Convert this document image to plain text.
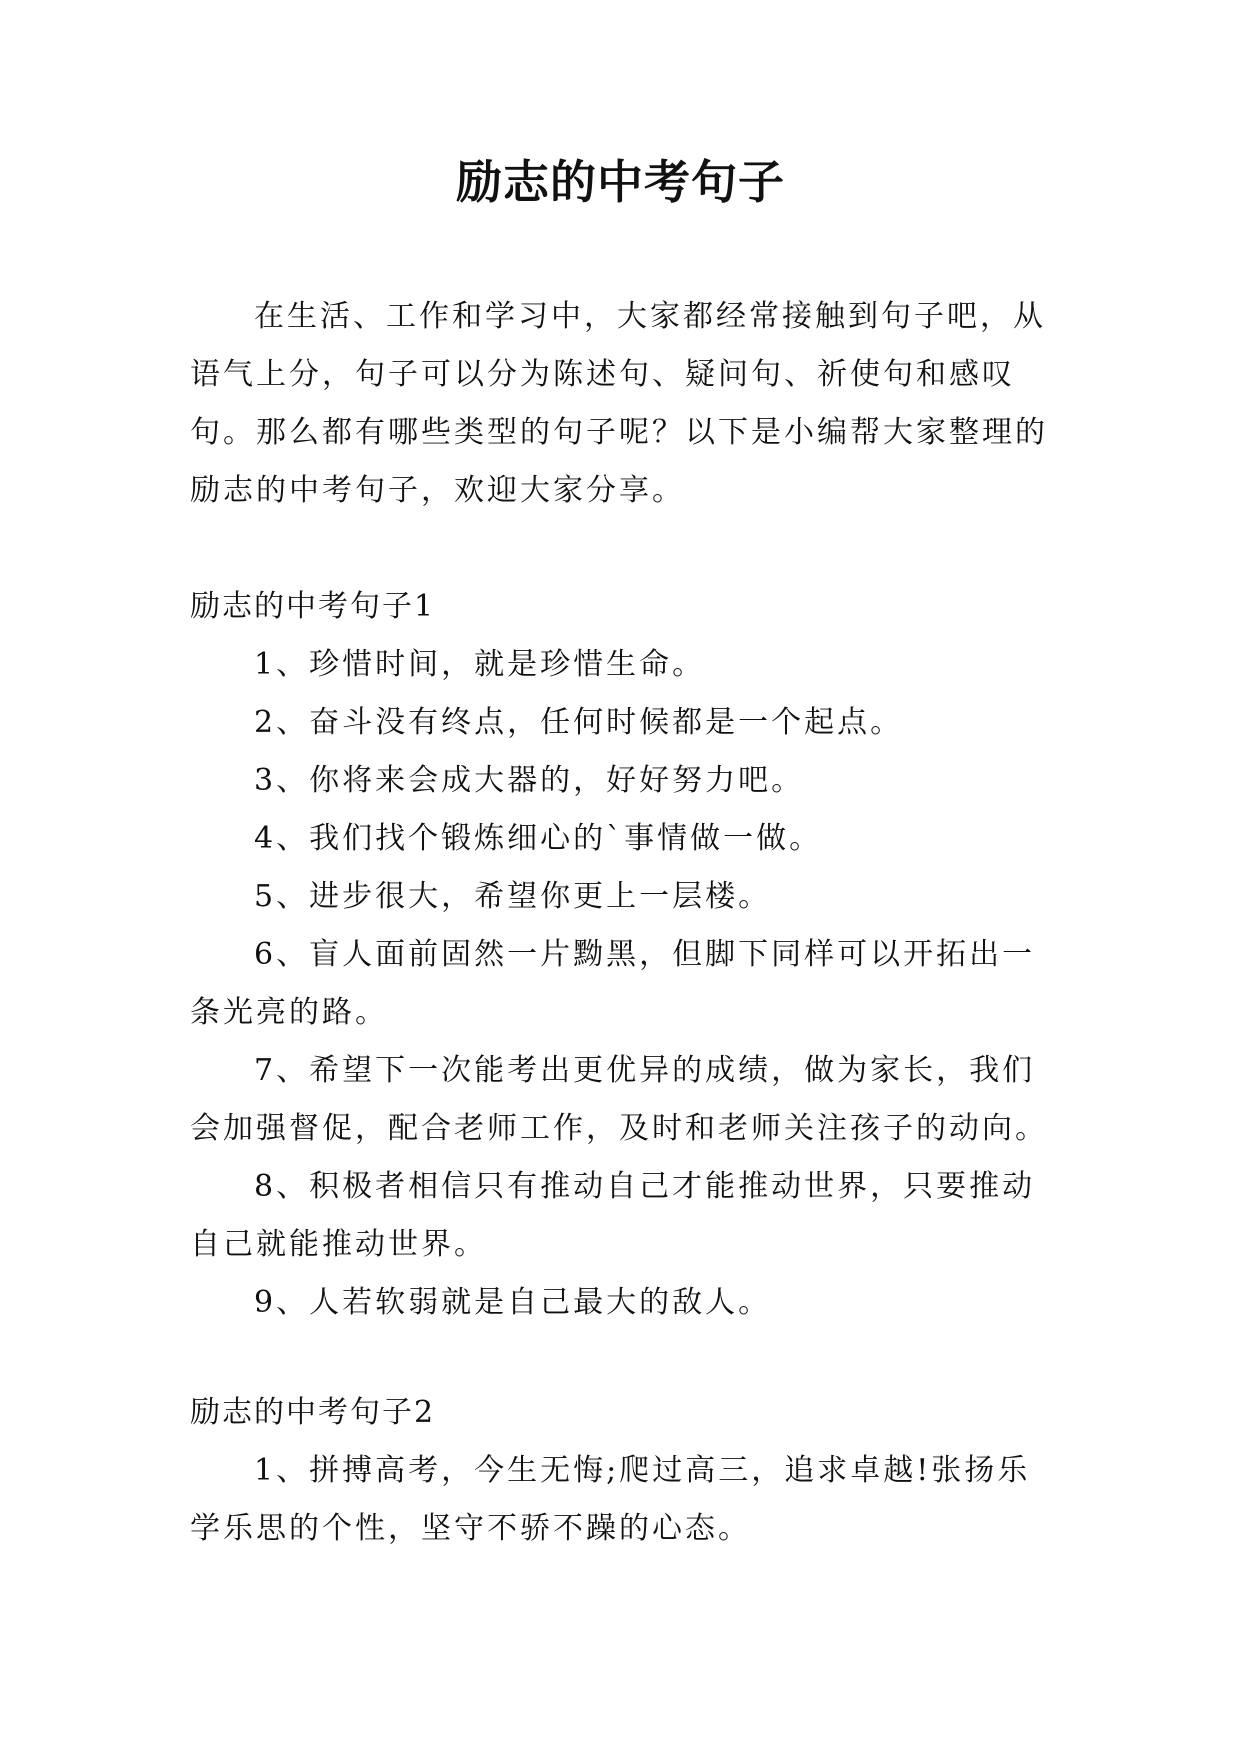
励志的中考句子

在生活、工作和学习中，大家都经常接触到句子吧，从语气上分，句子可以分为陈述句、疑问句、祈使句和感叹句。那么都有哪些类型的句子呢？以下是小编帮大家整理的励志的中考句子，欢迎大家分享。

励志的中考句子1

1、珍惜时间，就是珍惜生命。

2、奋斗没有终点，任何时候都是一个起点。

3、你将来会成大器的，好好努力吧。

4、我们找个锻炼细心的`事情做一做。

5、进步很大，希望你更上一层楼。

6、盲人面前固然一片黝黑，但脚下同样可以开拓出一条光亮的路。

7、希望下一次能考出更优异的成绩，做为家长，我们会加强督促，配合老师工作，及时和老师关注孩子的动向。

8、积极者相信只有推动自己才能推动世界，只要推动自己就能推动世界。

9、人若软弱就是自己最大的敌人。

励志的中考句子2

1、拼搏高考，今生无悔;爬过高三，追求卓越!张扬乐学乐思的个性，坚守不骄不躁的心态。
